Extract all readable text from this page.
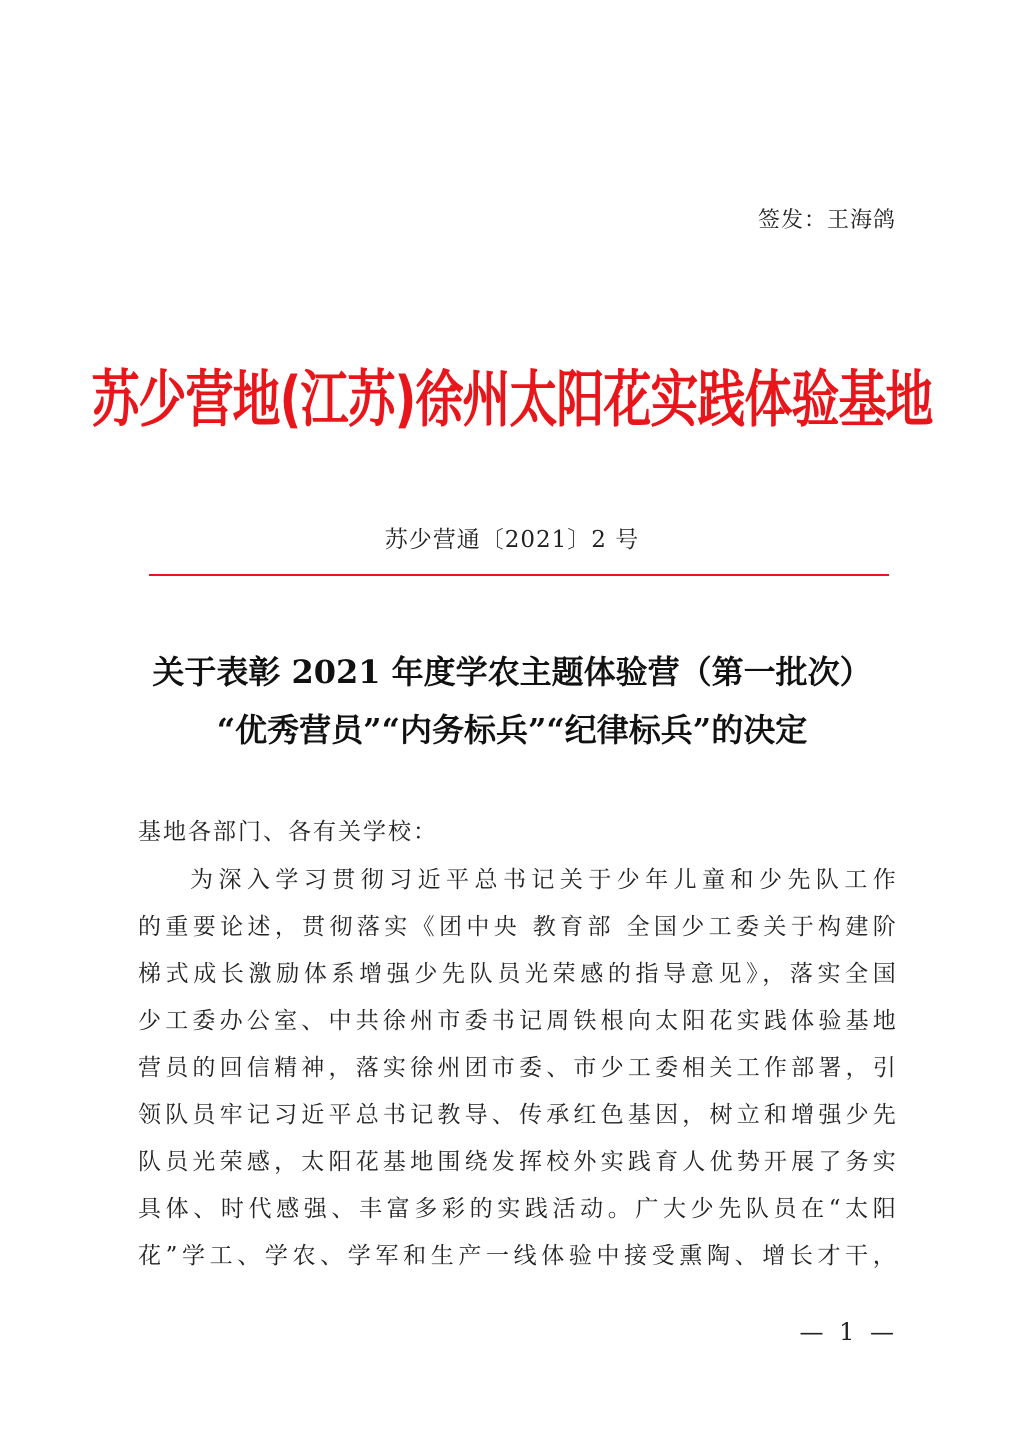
签发：王海鸽
苏少营地(江苏)徐州太阳花实践体验基地
苏少营通〔2021〕2 号
关于表彰 2021 年度学农主题体验营（第一批次）
“优秀营员”“内务标兵”“纪律标兵”的决定
基地各部门、各有关学校：
为深入学习贯彻习近平总书记关于少年儿童和少先队工作
的重要论述，贯彻落实《团中央 教育部 全国少工委关于构建阶
梯式成长激励体系增强少先队员光荣感的指导意见》，落实全国
少工委办公室、中共徐州市委书记周铁根向太阳花实践体验基地
营员的回信精神，落实徐州团市委、市少工委相关工作部署，引
领队员牢记习近平总书记教导、传承红色基因，树立和增强少先
队员光荣感，太阳花基地围绕发挥校外实践育人优势开展了务实
具体、时代感强、丰富多彩的实践活动。广大少先队员在“太阳
花”学工、学农、学军和生产一线体验中接受熏陶、增长才干，
— 1 —
